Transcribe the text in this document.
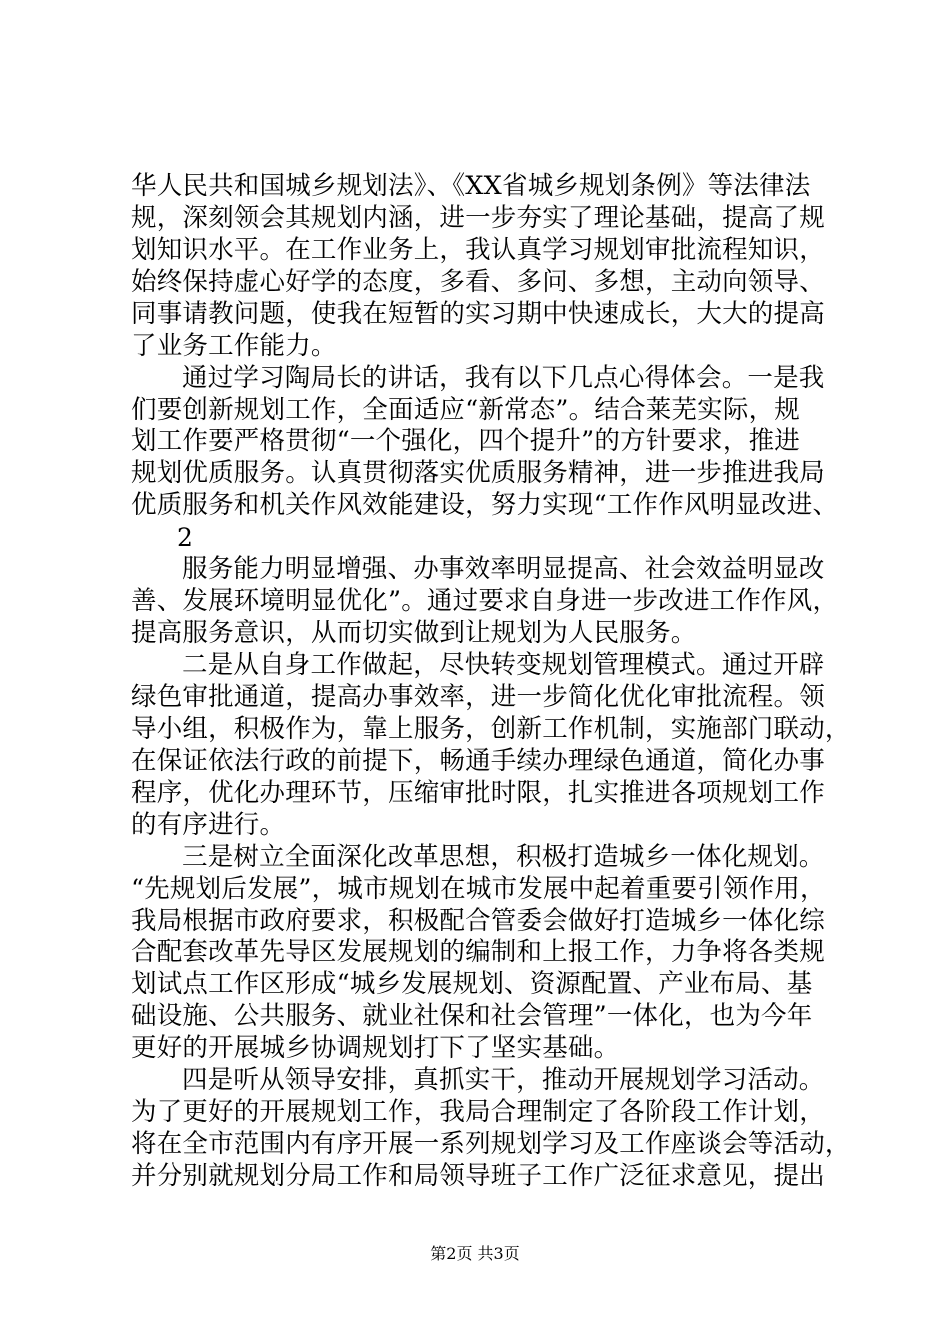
华人民共和国城乡规划法》、《XX省城乡规划条例》等法律法
规，深刻领会其规划内涵，进一步夯实了理论基础，提高了规
划知识水平。在工作业务上，我认真学习规划审批流程知识，
始终保持虚心好学的态度，多看、多问、多想，主动向领导、
同事请教问题，使我在短暂的实习期中快速成长，大大的提高
了业务工作能力。
通过学习陶局长的讲话，我有以下几点心得体会。一是我
们要创新规划工作，全面适应“新常态”。结合莱芜实际，规
划工作要严格贯彻“一个强化，四个提升”的方针要求，推进
规划优质服务。认真贯彻落实优质服务精神，进一步推进我局
优质服务和机关作风效能建设，努力实现“工作作风明显改进、
2
服务能力明显增强、办事效率明显提高、社会效益明显改
善、发展环境明显优化”。通过要求自身进一步改进工作作风，
提高服务意识，从而切实做到让规划为人民服务。
二是从自身工作做起，尽快转变规划管理模式。通过开辟
绿色审批通道，提高办事效率，进一步简化优化审批流程。领
导小组，积极作为，靠上服务，创新工作机制，实施部门联动，
在保证依法行政的前提下，畅通手续办理绿色通道，简化办事
程序，优化办理环节，压缩审批时限，扎实推进各项规划工作
的有序进行。
三是树立全面深化改革思想，积极打造城乡一体化规划。
“先规划后发展”，城市规划在城市发展中起着重要引领作用，
我局根据市政府要求，积极配合管委会做好打造城乡一体化综
合配套改革先导区发展规划的编制和上报工作，力争将各类规
划试点工作区形成“城乡发展规划、资源配置、产业布局、基
础设施、公共服务、就业社保和社会管理”一体化，也为今年
更好的开展城乡协调规划打下了坚实基础。
四是听从领导安排，真抓实干，推动开展规划学习活动。
为了更好的开展规划工作，我局合理制定了各阶段工作计划，
将在全市范围内有序开展一系列规划学习及工作座谈会等活动，
并分别就规划分局工作和局领导班子工作广泛征求意见，提出
第2页 共3页
